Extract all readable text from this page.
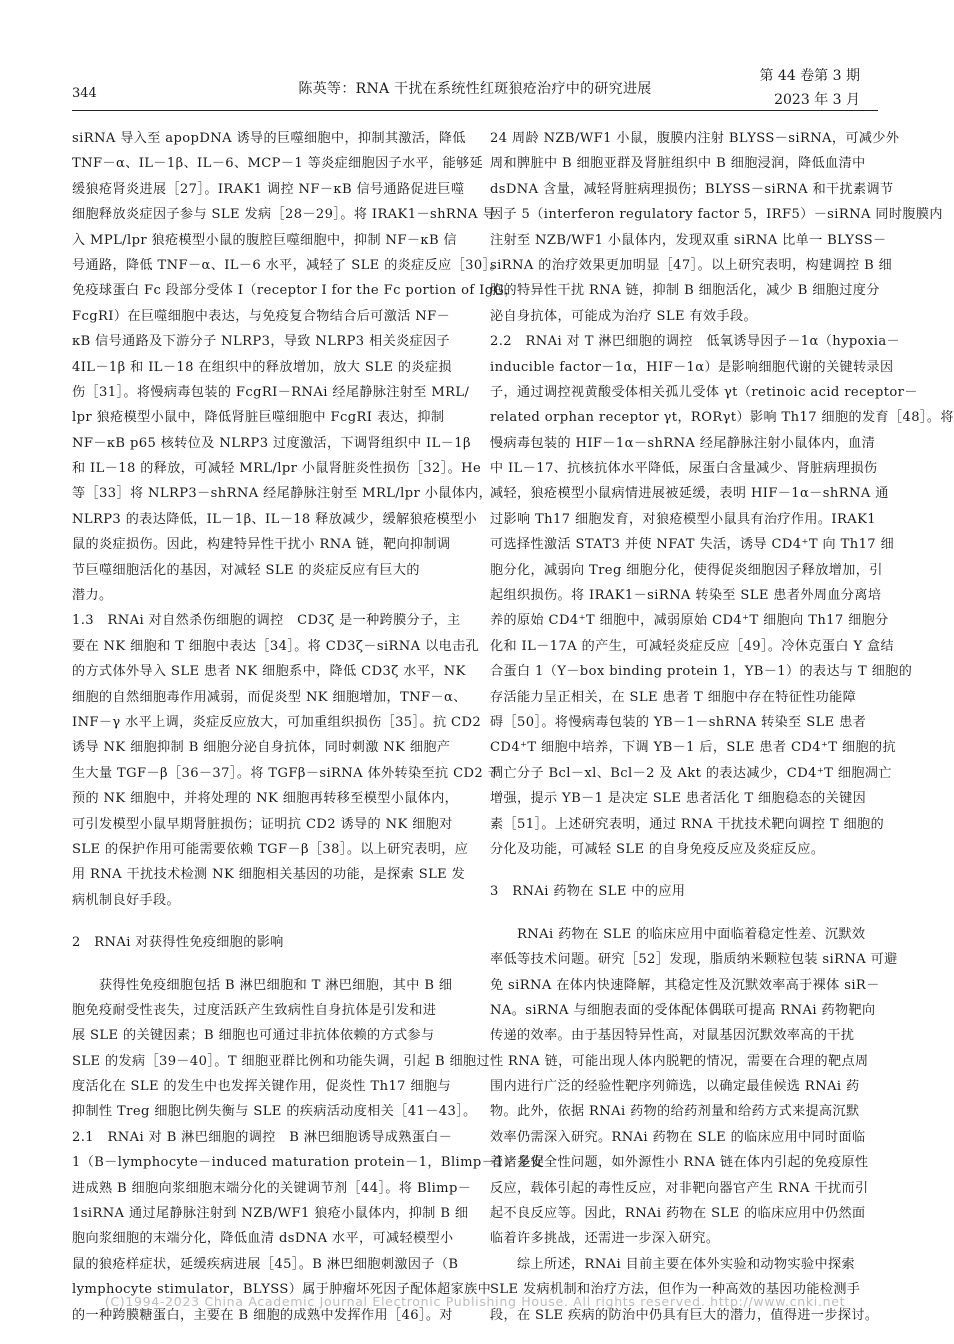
344	陈英等：RNA 干扰在系统性红斑狼疮治疗中的研究进展
第 44 卷第 3 期
2023 年 3 月
siRNA 导入至 apopDNA 诱导的巨噬细胞中，抑制其激活，降低
TNF－α、IL－1β、IL－6、MCP－1 等炎症细胞因子水平，能够延
缓狼疮肾炎进展［27］。IRAK1 调控 NF－κB 信号通路促进巨噬
细胞释放炎症因子参与 SLE 发病［28－29］。将 IRAK1－shRNA 导
入 MPL/lpr 狼疮模型小鼠的腹腔巨噬细胞中，抑制 NF－κB 信
号通路，降低 TNF－α、IL－6 水平，减轻了 SLE 的炎症反应［30］。
免疫球蛋白 Fc 段部分受体 I（receptor I for the Fc portion of IgG，
FcgRI）在巨噬细胞中表达，与免疫复合物结合后可激活 NF－
κB 信号通路及下游分子 NLRP3，导致 NLRP3 相关炎症因子
4IL－1β 和 IL－18 在组织中的释放增加，放大 SLE 的炎症损
伤［31］。将慢病毒包装的 FcgRI－RNAi 经尾静脉注射至 MRL/
lpr 狼疮模型小鼠中，降低肾脏巨噬细胞中 FcgRI 表达，抑制
NF－κB p65 核转位及 NLRP3 过度激活，下调肾组织中 IL－1β
和 IL－18 的释放，可减轻 MRL/lpr 小鼠肾脏炎性损伤［32］。He
等［33］将 NLRP3－shRNA 经尾静脉注射至 MRL/lpr 小鼠体内，
NLRP3 的表达降低，IL－1β、IL－18 释放减少，缓解狼疮模型小
鼠的炎症损伤。因此，构建特异性干扰小 RNA 链，靶向抑制调
节巨噬细胞活化的基因，对减轻 SLE 的炎症反应有巨大的
潜力。
1.3　RNAi 对自然杀伤细胞的调控　CD3ζ 是一种跨膜分子，主
要在 NK 细胞和 T 细胞中表达［34］。将 CD3ζ－siRNA 以电击孔
的方式体外导入 SLE 患者 NK 细胞系中，降低 CD3ζ 水平，NK
细胞的自然细胞毒作用减弱，而促炎型 NK 细胞增加，TNF－α、
INF－γ 水平上调，炎症反应放大，可加重组织损伤［35］。抗 CD2
诱导 NK 细胞抑制 B 细胞分泌自身抗体，同时刺激 NK 细胞产
生大量 TGF－β［36－37］。将 TGFβ－siRNA 体外转染至抗 CD2 干
预的 NK 细胞中，并将处理的 NK 细胞再转移至模型小鼠体内，
可引发模型小鼠早期肾脏损伤；证明抗 CD2 诱导的 NK 细胞对
SLE 的保护作用可能需要依赖 TGF－β［38］。以上研究表明，应
用 RNA 干扰技术检测 NK 细胞相关基因的功能，是探索 SLE 发
病机制良好手段。
2　RNAi 对获得性免疫细胞的影响
获得性免疫细胞包括 B 淋巴细胞和 T 淋巴细胞，其中 B 细
胞免疫耐受性丧失，过度活跃产生致病性自身抗体是引发和进
展 SLE 的关键因素；B 细胞也可通过非抗体依赖的方式参与
SLE 的发病［39－40］。T 细胞亚群比例和功能失调，引起 B 细胞过
度活化在 SLE 的发生中也发挥关键作用，促炎性 Th17 细胞与
抑制性 Treg 细胞比例失衡与 SLE 的疾病活动度相关［41－43］。
2.1　RNAi 对 B 淋巴细胞的调控　B 淋巴细胞诱导成熟蛋白－
1（B－lymphocyte－induced maturation protein－1，Blimp－1）是促
进成熟 B 细胞向浆细胞末端分化的关键调节剂［44］。将 Blimp－
1siRNA 通过尾静脉注射到 NZB/WF1 狼疮小鼠体内，抑制 B 细
胞向浆细胞的末端分化，降低血清 dsDNA 水平，可减轻模型小
鼠的狼疮样症状，延缓疾病进展［45］。B 淋巴细胞刺激因子（B
lymphocyte stimulator，BLYSS）属于肿瘤坏死因子配体超家族中
的一种跨膜糖蛋白，主要在 B 细胞的成熟中发挥作用［46］。对
24 周龄 NZB/WF1 小鼠，腹膜内注射 BLYSS－siRNA，可减少外
周和脾脏中 B 细胞亚群及肾脏组织中 B 细胞浸润，降低血清中
dsDNA 含量，减轻肾脏病理损伤；BLYSS－siRNA 和干扰素调节
因子 5（interferon regulatory factor 5，IRF5）－siRNA 同时腹膜内
注射至 NZB/WF1 小鼠体内，发现双重 siRNA 比单一 BLYSS－
siRNA 的治疗效果更加明显［47］。以上研究表明，构建调控 B 细
胞的特异性干扰 RNA 链，抑制 B 细胞活化，减少 B 细胞过度分
泌自身抗体，可能成为治疗 SLE 有效手段。
2.2　RNAi 对 T 淋巴细胞的调控　低氧诱导因子－1α（hypoxia－
inducible factor－1α，HIF－1α）是影响细胞代谢的关键转录因
子，通过调控视黄酸受体相关孤儿受体 γt（retinoic acid receptor－
related orphan receptor γt，RORγt）影响 Th17 细胞的发育［48］。将
慢病毒包装的 HIF－1α－shRNA 经尾静脉注射小鼠体内，血清
中 IL－17、抗核抗体水平降低，尿蛋白含量减少、肾脏病理损伤
减轻，狼疮模型小鼠病情进展被延缓，表明 HIF－1α－shRNA 通
过影响 Th17 细胞发育，对狼疮模型小鼠具有治疗作用。IRAK1
可选择性激活 STAT3 并使 NFAT 失活，诱导 CD4⁺T 向 Th17 细
胞分化，减弱向 Treg 细胞分化，使得促炎细胞因子释放增加，引
起组织损伤。将 IRAK1－siRNA 转染至 SLE 患者外周血分离培
养的原始 CD4⁺T 细胞中，减弱原始 CD4⁺T 细胞向 Th17 细胞分
化和 IL－17A 的产生，可减轻炎症反应［49］。冷休克蛋白 Y 盒结
合蛋白 1（Y－box binding protein 1，YB－1）的表达与 T 细胞的
存活能力呈正相关，在 SLE 患者 T 细胞中存在特征性功能障
碍［50］。将慢病毒包装的 YB－1－shRNA 转染至 SLE 患者
CD4⁺T 细胞中培养，下调 YB－1 后，SLE 患者 CD4⁺T 细胞的抗
凋亡分子 Bcl－xl、Bcl－2 及 Akt 的表达减少，CD4⁺T 细胞凋亡
增强，提示 YB－1 是决定 SLE 患者活化 T 细胞稳态的关键因
素［51］。上述研究表明，通过 RNA 干扰技术靶向调控 T 细胞的
分化及功能，可减轻 SLE 的自身免疫反应及炎症反应。
3　RNAi 药物在 SLE 中的应用
RNAi 药物在 SLE 的临床应用中面临着稳定性差、沉默效
率低等技术问题。研究［52］发现，脂质纳米颗粒包装 siRNA 可避
免 siRNA 在体内快速降解，其稳定性及沉默效率高于裸体 siR－
NA。siRNA 与细胞表面的受体配体偶联可提高 RNAi 药物靶向
传递的效率。由于基因特异性高，对鼠基因沉默效率高的干扰
性 RNA 链，可能出现人体内脱靶的情况，需要在合理的靶点周
围内进行广泛的经验性靶序列筛选，以确定最佳候选 RNAi 药
物。此外，依据 RNAi 药物的给药剂量和给药方式来提高沉默
效率仍需深入研究。RNAi 药物在 SLE 的临床应用中同时面临
着诸多安全性问题，如外源性小 RNA 链在体内引起的免疫原性
反应，载体引起的毒性反应，对非靶向器官产生 RNA 干扰而引
起不良反应等。因此，RNAi 药物在 SLE 的临床应用中仍然面
临着许多挑战，还需进一步深入研究。
综上所述，RNAi 目前主要在体外实验和动物实验中探索
SLE 发病机制和治疗方法，但作为一种高效的基因功能检测手
段，在 SLE 疾病的防治中仍具有巨大的潜力，值得进一步探讨。
(C)1994-2023 China Academic Journal Electronic Publishing House. All rights reserved. http://www.cnki.net
